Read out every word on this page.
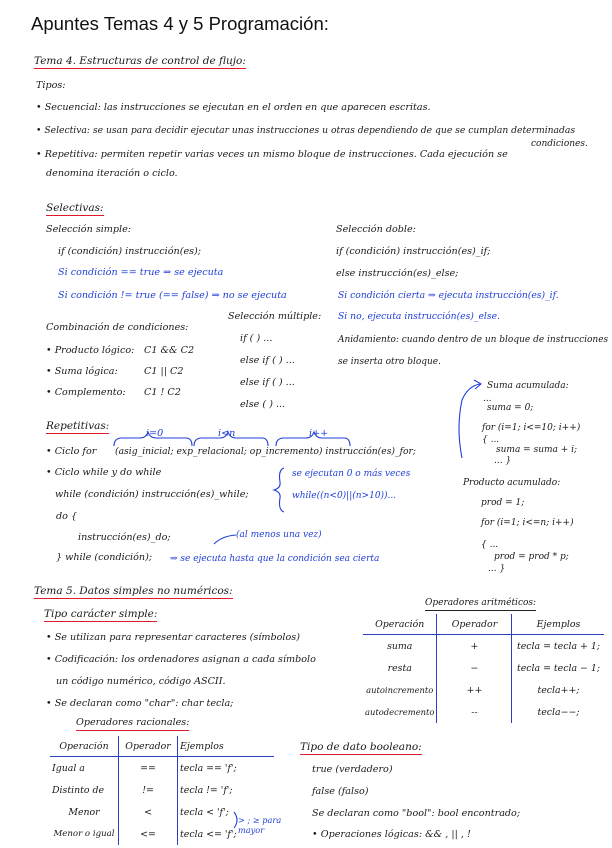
Apuntes Temas 4 y 5 Programación:
Tema 4. Estructuras de control de flujo:
Tipos:
• Secuencial: las instrucciones se ejecutan en el orden en que aparecen escritas.
• Selectiva: se usan para decidir ejecutar unas instrucciones u otras dependiendo de que se cumplan determinadas
condiciones.
• Repetitiva: permiten repetir varias veces un mismo bloque de instrucciones. Cada ejecución se
denomina iteración o ciclo.
Selectivas:
Selección simple:
if (condición) instrucción(es);
Si condición == true ⇒ se ejecuta
Si condición != true (== false) ⇒ no se ejecuta
Selección doble:
if (condición) instrucción(es)_if;
else instrucción(es)_else;
Si condición cierta ⇒ ejecuta instrucción(es)_if.
Si no, ejecuta instrucción(es)_else.
Selección múltiple:
if ( ) ...
else if ( ) ...
else if ( ) ...
else ( ) ...
Anidamiento: cuando dentro de un bloque de instrucciones
se inserta otro bloque.
Combinación de condiciones:
• Producto lógico: C1 && C2
• Suma lógica:	C1 || C2
• Complemento: C1 ! C2
Repetitivas:
i=0	i<n	i++
• Ciclo for (asig_inicial; exp_relacional; op_incremento) instrucción(es)_for;
• Ciclo while y do while
while (condición) instrucción(es)_while;
se ejecutan 0 o más veces
while((n<0)||(n>10))...
do {
instrucción(es)_do;	(al menos una vez)
} while (condición); ⇒ se ejecuta hasta que la condición sea cierta
Suma acumulada:
...
suma = 0;
for (i=1; i<=10; i++)
{ ...
suma = suma + i;
... }
Producto acumulado:
prod = 1;
for (i=1; i<=n; i++)
{ ...
prod = prod * p;
... }
Tema 5. Datos simples no numéricos:
Tipo carácter simple:
• Se utilizan para representar caracteres (símbolos)
• Codificación: los ordenadores asignan a cada símbolo
un código numérico, código ASCII.
• Se declaran como "char": char tecla;
Operadores aritméticos:
Operación	Operador	Ejemplos
suma	+	tecla = tecla + 1;
resta	−	tecla = tecla − 1;
autoincremento	++	tecla++;
autodecremento	--	tecla−−;
Operadores racionales:
Operación	Operador	Ejemplos
Igual a	==	tecla == 'f';
Distinto de	!=	tecla != 'f';
Menor	<	tecla < 'f';
Menor o igual	<=	tecla <= 'f';
> ; ≥ para mayor
Tipo de dato booleano:
true (verdadero)
false (falso)
Se declaran como "bool": bool encontrado;
• Operaciones lógicas: && , || , !
